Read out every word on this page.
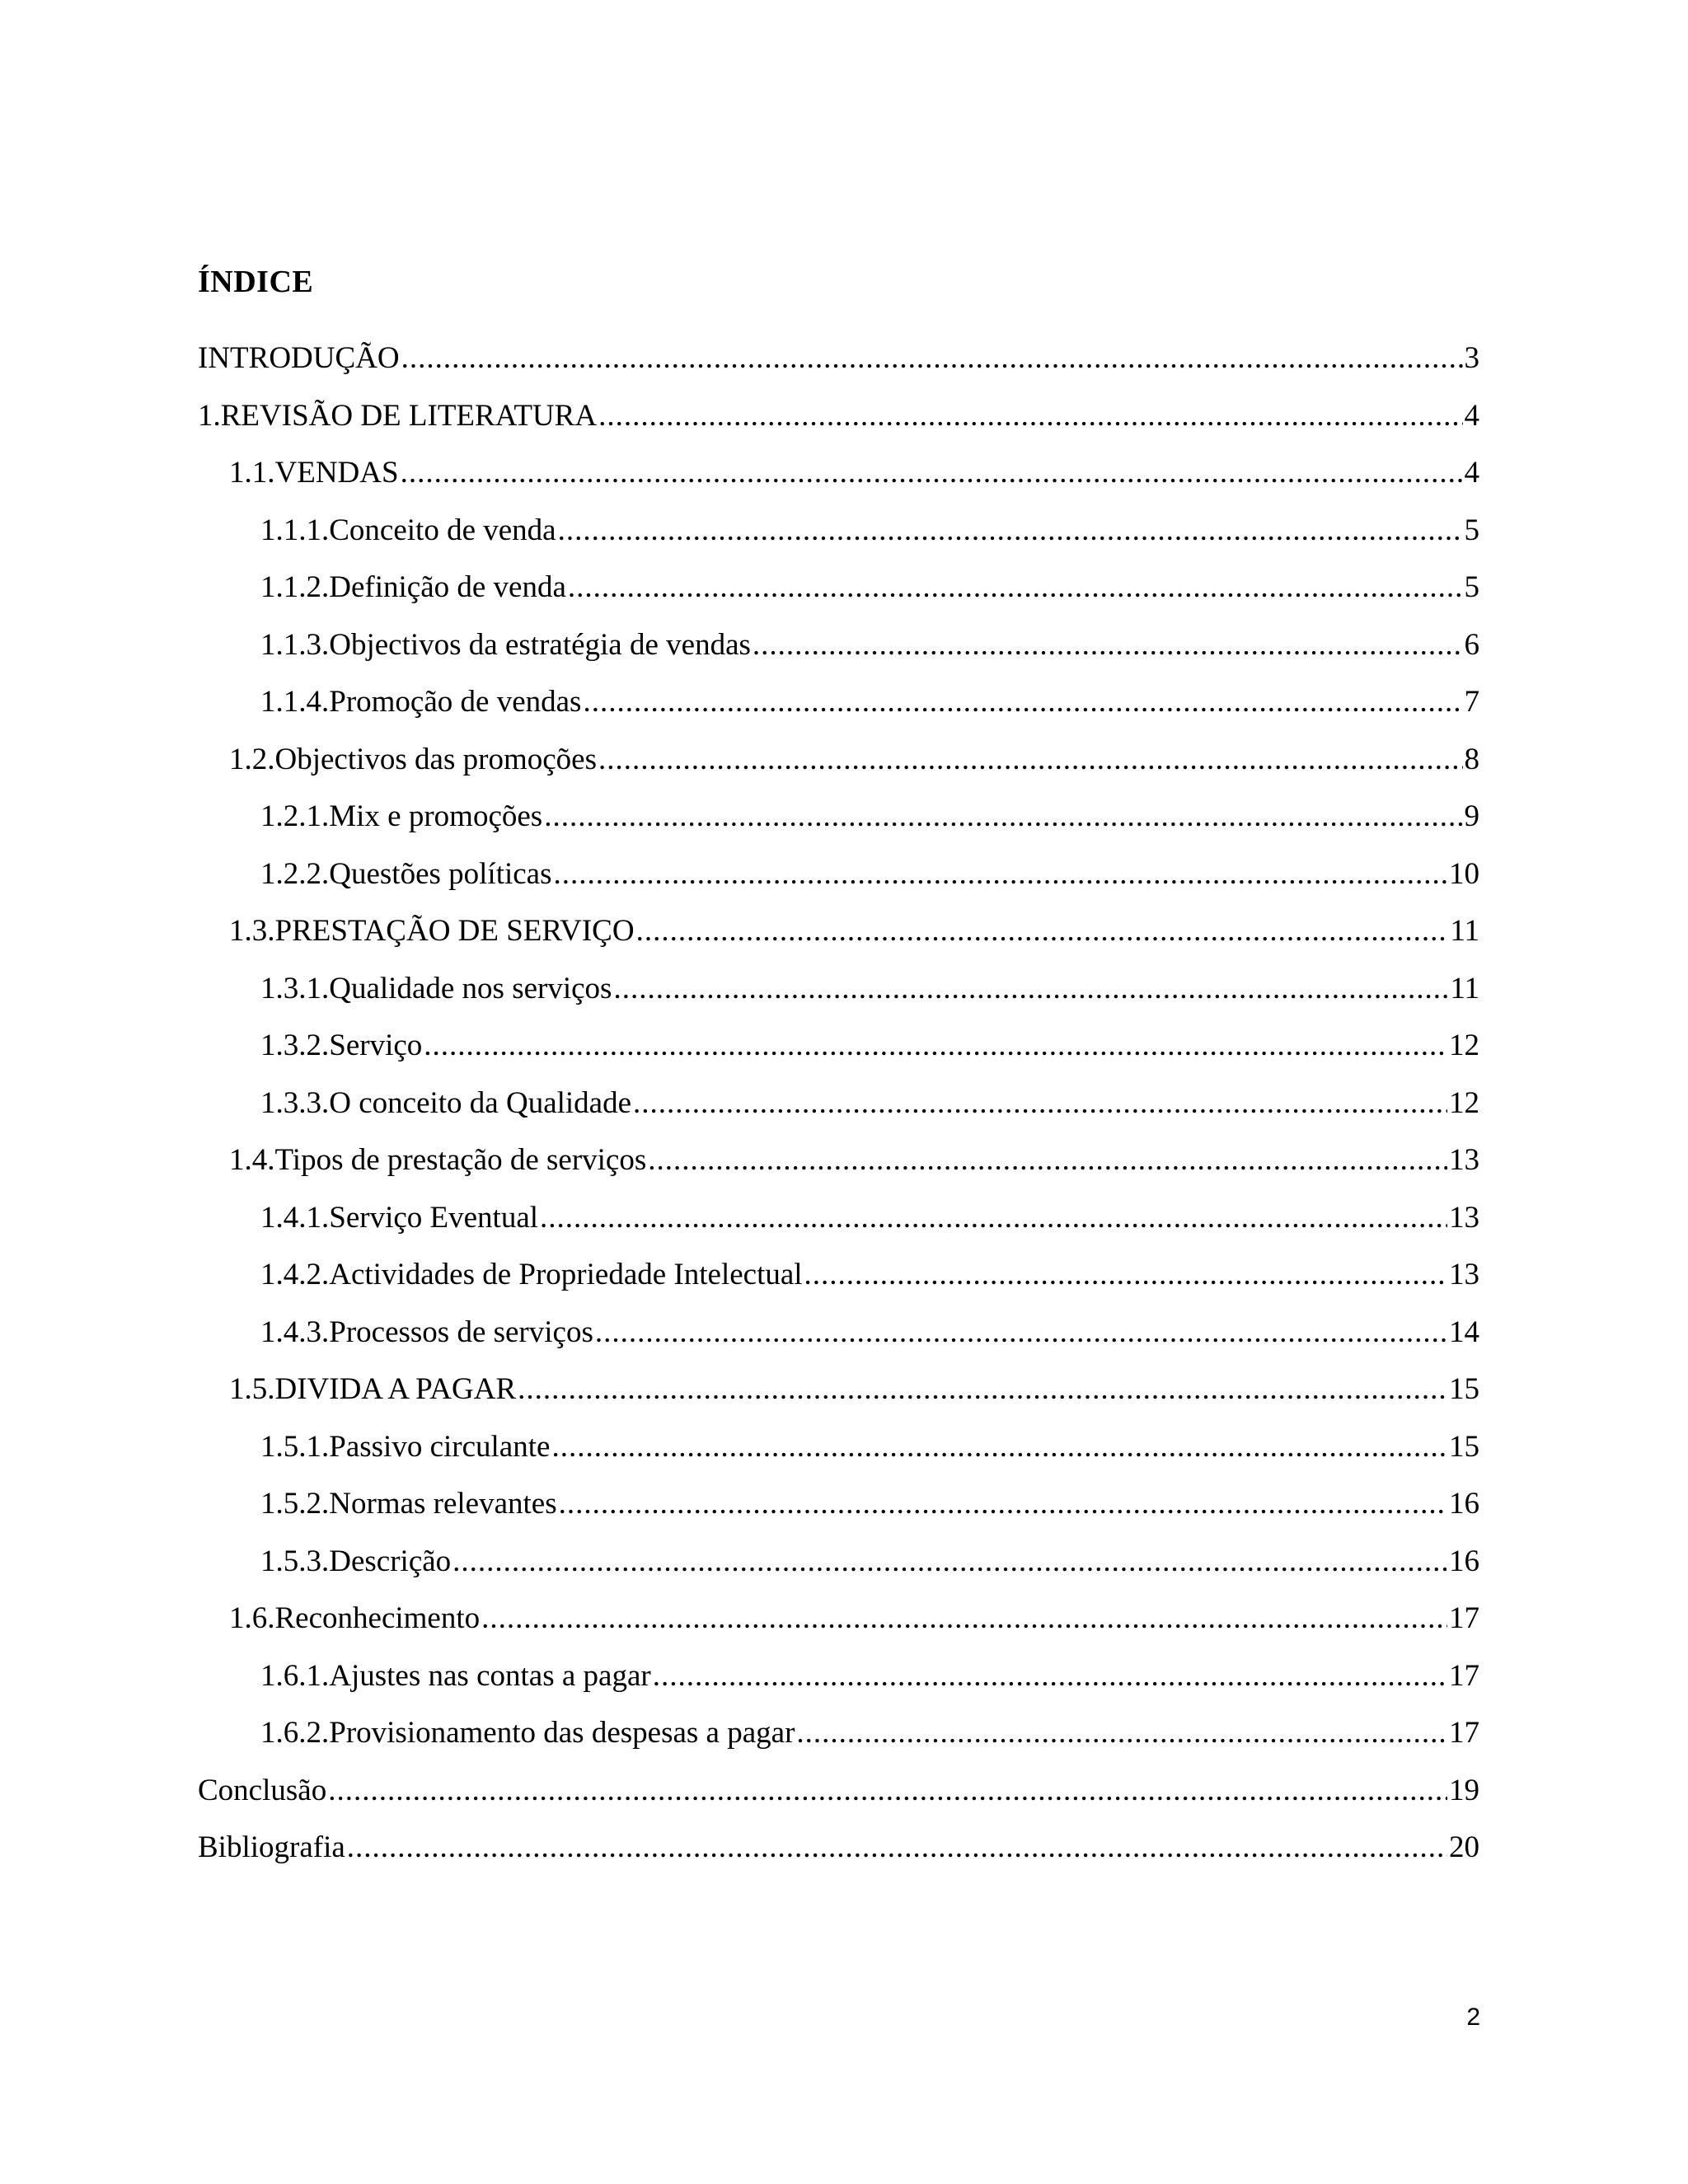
ÍNDICE
INTRODUÇÃO .....	3
1.REVISÃO DE LITERATURA .....	4
1.1.VENDAS .....	4
1.1.1.Conceito de venda .....	5
1.1.2.Definição de venda .....	5
1.1.3.Objectivos da estratégia de vendas .....	6
1.1.4.Promoção de vendas .....	7
1.2.Objectivos das promoções .....	8
1.2.1.Mix e promoções .....	9
1.2.2.Questões políticas .....	10
1.3.PRESTAÇÃO DE SERVIÇO .....	11
1.3.1.Qualidade nos serviços .....	11
1.3.2.Serviço .....	12
1.3.3.O conceito da Qualidade .....	12
1.4.Tipos de prestação de serviços .....	13
1.4.1.Serviço Eventual .....	13
1.4.2.Actividades de Propriedade Intelectual .....	13
1.4.3.Processos de serviços .....	14
1.5.DIVIDA A PAGAR .....	15
1.5.1.Passivo circulante .....	15
1.5.2.Normas relevantes .....	16
1.5.3.Descrição .....	16
1.6.Reconhecimento .....	17
1.6.1.Ajustes nas contas a pagar .....	17
1.6.2.Provisionamento das despesas a pagar .....	17
Conclusão .....	19
Bibliografia .....	20
2
